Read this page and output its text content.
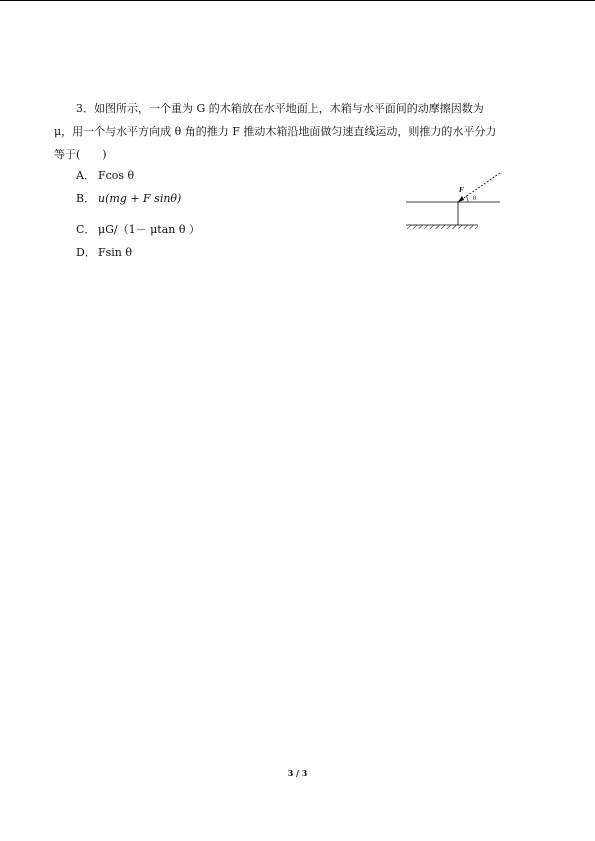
3．如图所示，一个重为 G 的木箱放在水平地面上，木箱与水平面间的动摩擦因数为
μ，用一个与水平方向成 θ 角的推力 F 推动木箱沿地面做匀速直线运动，则推力的水平分力
等于(　　)
A． Fcos θ
B． u(mg + F sinθ)
C． μG/（1－ μtan θ ）
D． Fsin θ
F
θ
3 / 3
